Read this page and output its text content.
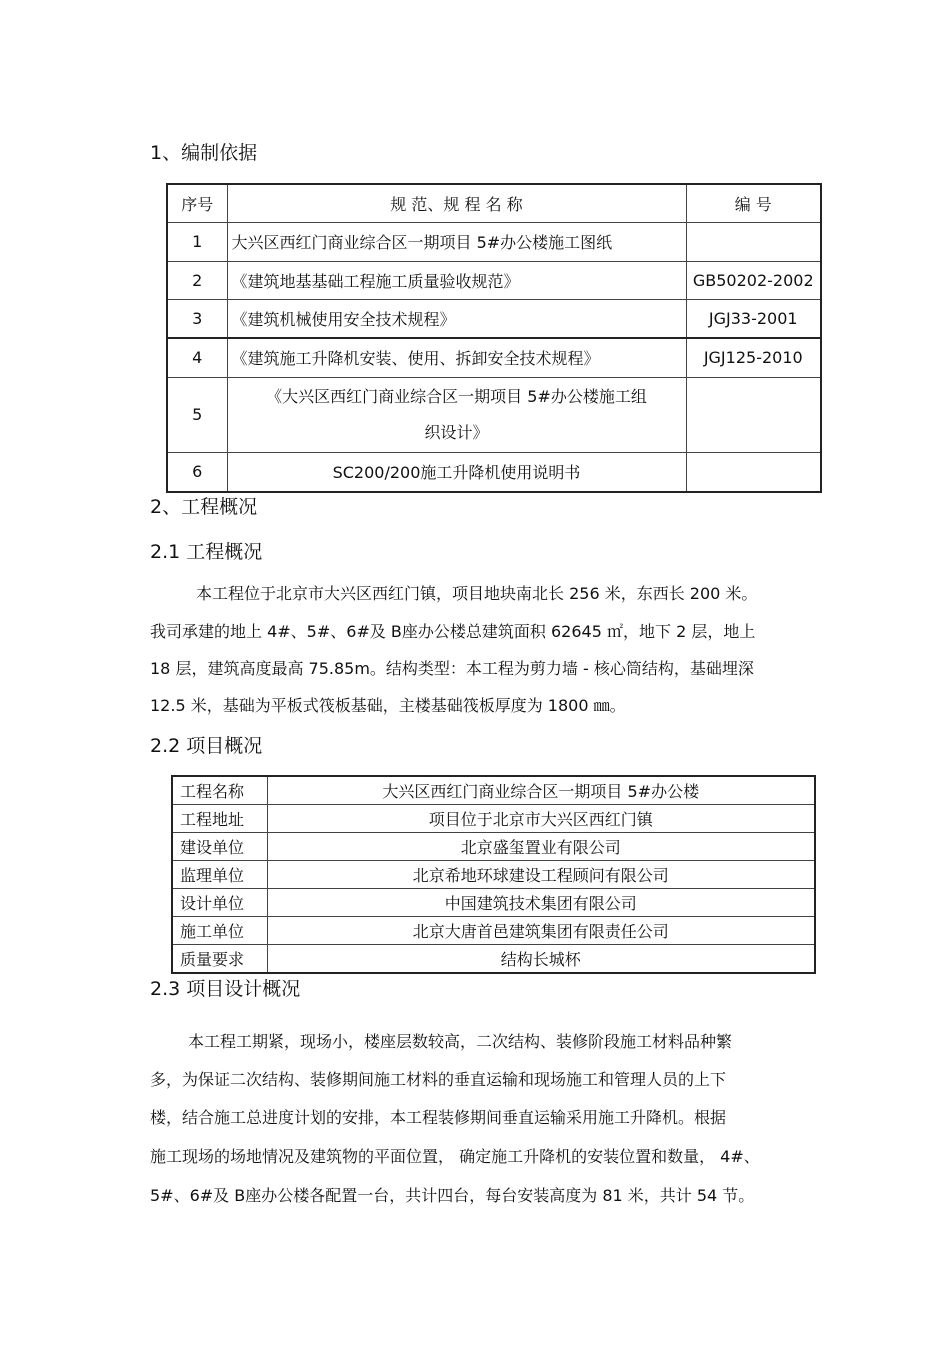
1、编制依据
序号	规 范、规 程 名 称	编 号
1	大兴区西红门商业综合区一期项目 5#办公楼施工图纸	
2	《建筑地基基础工程施工质量验收规范》	GB50202-2002
3	《建筑机械使用安全技术规程》	JGJ33-2001
4	《建筑施工升降机安装、使用、拆卸安全技术规程》	JGJ125-2010
5	《大兴区西红门商业综合区一期项目 5#办公楼施工组
织设计》	

6	SC200/200施工升降机使用说明书	
2、工程概况
2.1 工程概况
本工程位于北京市大兴区西红门镇，项目地块南北长 256 米，东西长 200 米。
我司承建的地上 4#、5#、6#及 B座办公楼总建筑面积 62645 ㎡，地下 2 层，地上
18 层，建筑高度最高 75.85m。结构类型：本工程为剪力墙 - 核心筒结构，基础埋深
12.5 米，基础为平板式筏板基础，主楼基础筏板厚度为 1800 ㎜。
2.2 项目概况
工程名称	大兴区西红门商业综合区一期项目 5#办公楼
工程地址	项目位于北京市大兴区西红门镇
建设单位	北京盛玺置业有限公司
监理单位	北京希地环球建设工程顾问有限公司
设计单位	中国建筑技术集团有限公司
施工单位	北京大唐首邑建筑集团有限责任公司
质量要求	结构长城杯
2.3 项目设计概况
本工程工期紧，现场小，楼座层数较高，二次结构、装修阶段施工材料品种繁
多，为保证二次结构、装修期间施工材料的垂直运输和现场施工和管理人员的上下
楼，结合施工总进度计划的安排，本工程装修期间垂直运输采用施工升降机。根据
施工现场的场地情况及建筑物的平面位置， 确定施工升降机的安装位置和数量， 4#、
5#、6#及 B座办公楼各配置一台，共计四台，每台安装高度为 81 米，共计 54 节。
